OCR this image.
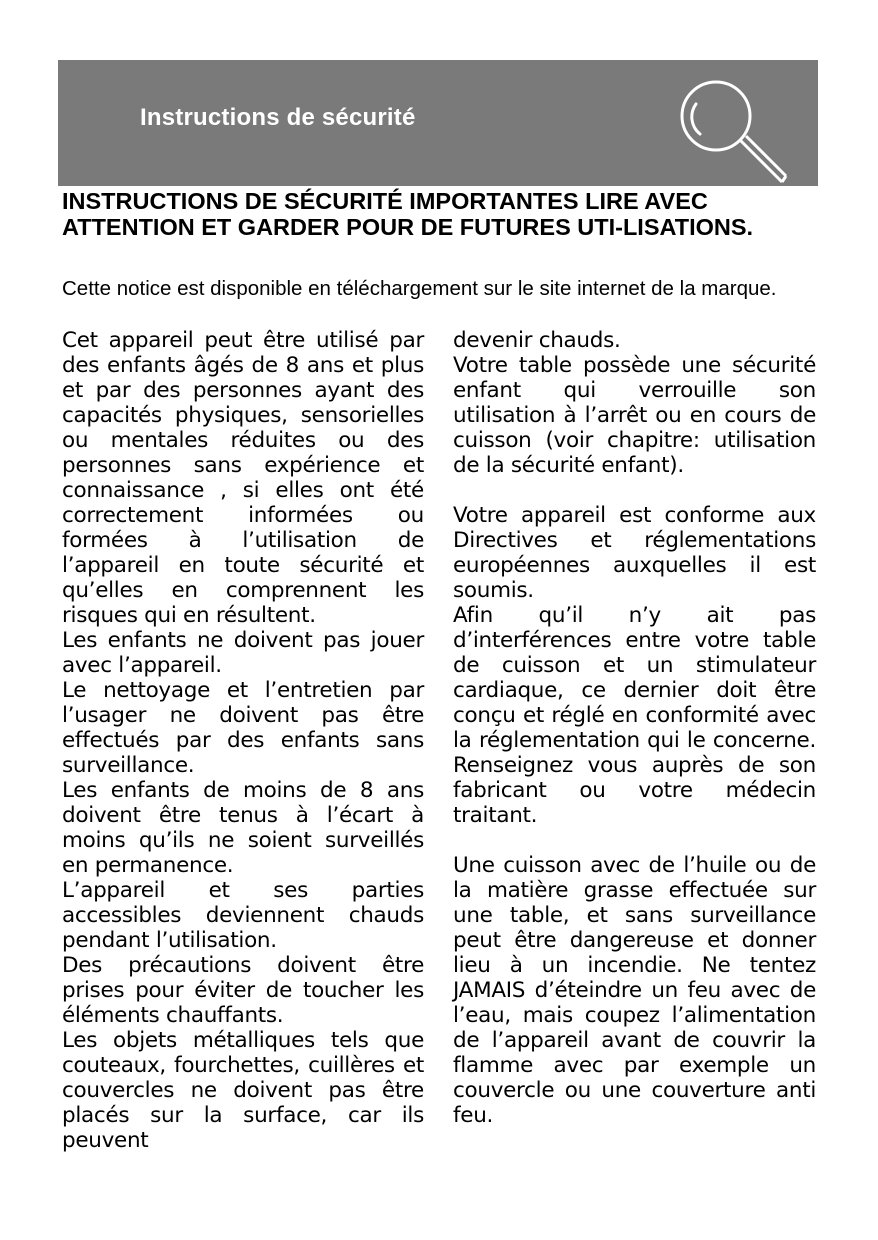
Instructions de sécurité
INSTRUCTIONS DE SÉCURITÉ IMPORTANTES LIRE AVEC ATTENTION ET GARDER POUR DE FUTURES UTI-LISATIONS.
Cette notice est disponible en téléchargement sur le site internet de la marque.

Cet appareil peut être utilisé par des enfants âgés de 8 ans et plus et par des personnes ayant des capacités physiques, sensorielles ou mentales réduites ou des personnes sans expérience et connaissance , si elles ont été correctement informées ou formées à l’utilisation de l’appareil en toute sécurité et qu’elles en comprennent les risques qui en résultent.

Les enfants ne doivent pas jouer avec l’appareil.

Le nettoyage et l’entretien par l’usager ne doivent pas être effectués par des enfants sans surveillance.

Les enfants de moins de 8 ans doivent être tenus à l’écart à moins qu’ils ne soient surveillés en permanence.

L’appareil et ses parties accessibles deviennent chauds pendant l’utilisation.

Des précautions doivent être prises pour éviter de toucher les éléments chauffants.

Les objets métalliques tels que couteaux, fourchettes, cuillères et couvercles ne doivent pas être placés sur la surface, car ils peuvent

devenir chauds.

Votre table possède une sécurité enfant qui verrouille son utilisation à l’arrêt ou en cours de cuisson (voir chapitre: utilisation de la sécurité enfant).

Votre appareil est conforme aux Directives et réglementations européennes auxquelles il est soumis.

Afin qu’il n’y ait pas d’interférences entre votre table de cuisson et un stimulateur cardiaque, ce dernier doit être conçu et réglé en conformité avec la réglementation qui le concerne. Renseignez vous auprès de son fabricant ou votre médecin traitant.

Une cuisson avec de l’huile ou de la matière grasse effectuée sur une table, et sans surveillance peut être dangereuse et donner lieu à un incendie. Ne tentez JAMAIS d’éteindre un feu avec de l’eau, mais coupez l’alimentation de l’appareil avant de couvrir la flamme avec par exemple un couvercle ou une couverture anti feu.
